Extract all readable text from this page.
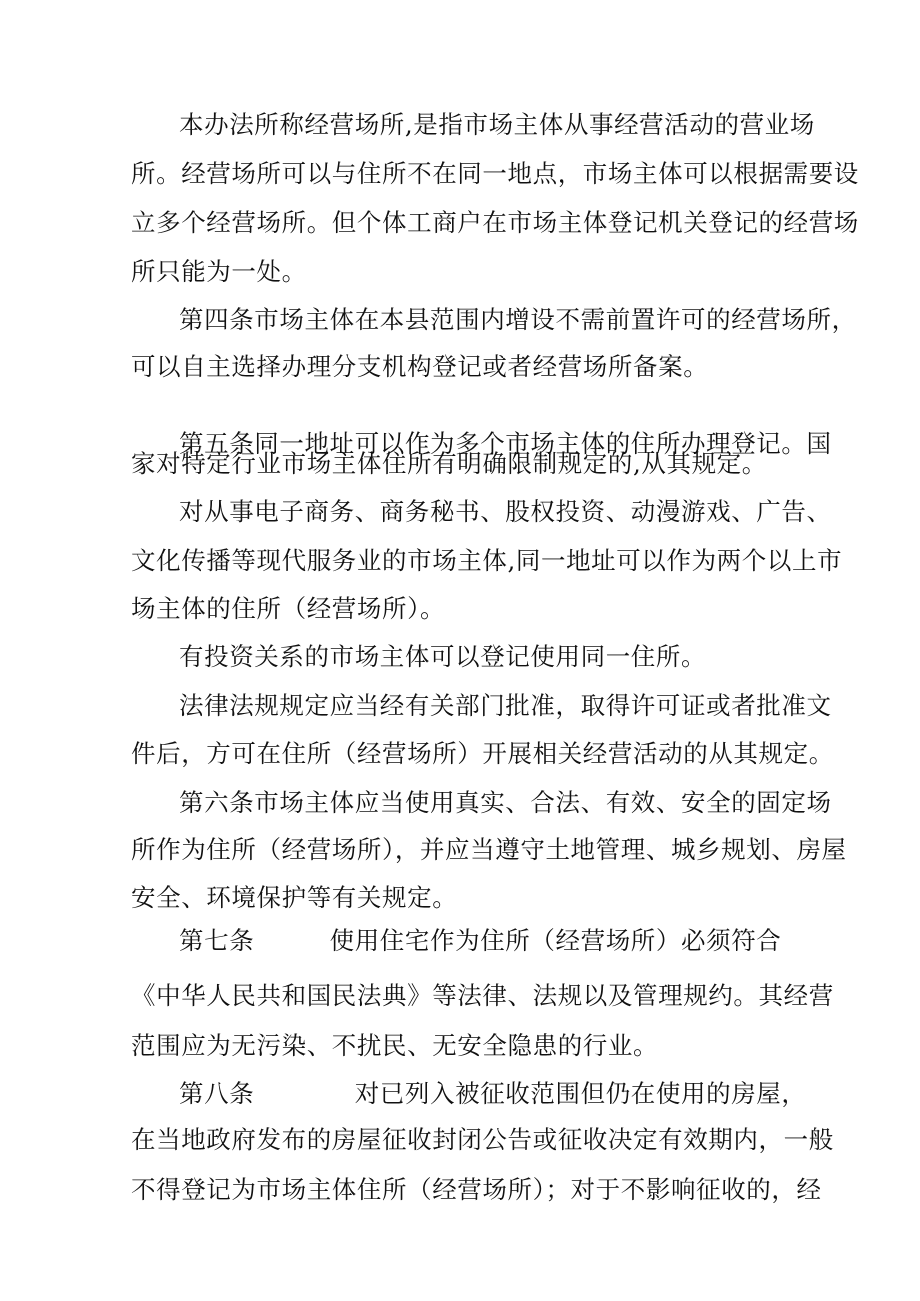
本办法所称经营场所,是指市场主体从事经营活动的营业场
所。经营场所可以与住所不在同一地点，市场主体可以根据需要设
立多个经营场所。但个体工商户在市场主体登记机关登记的经营场
所只能为一处。
第四条市场主体在本县范围内增设不需前置许可的经营场所，
可以自主选择办理分支机构登记或者经营场所备案。
第五条同一地址可以作为多个市场主体的住所办理登记。国
家对特定行业市场主体住所有明确限制规定的,从其规定。
对从事电子商务、商务秘书、股权投资、动漫游戏、广告、
文化传播等现代服务业的市场主体,同一地址可以作为两个以上市
场主体的住所（经营场所）。
有投资关系的市场主体可以登记使用同一住所。
法律法规规定应当经有关部门批准，取得许可证或者批准文
件后，方可在住所（经营场所）开展相关经营活动的从其规定。
第六条市场主体应当使用真实、合法、有效、安全的固定场
所作为住所（经营场所），并应当遵守土地管理、城乡规划、房屋
安全、环境保护等有关规定。
第七条　　　使用住宅作为住所（经营场所）必须符合
《中华人民共和国民法典》等法律、法规以及管理规约。其经营
范围应为无污染、不扰民、无安全隐患的行业。
第八条　　　　对已列入被征收范围但仍在使用的房屋，
在当地政府发布的房屋征收封闭公告或征收决定有效期内，一般
不得登记为市场主体住所（经营场所）；对于不影响征收的，经
